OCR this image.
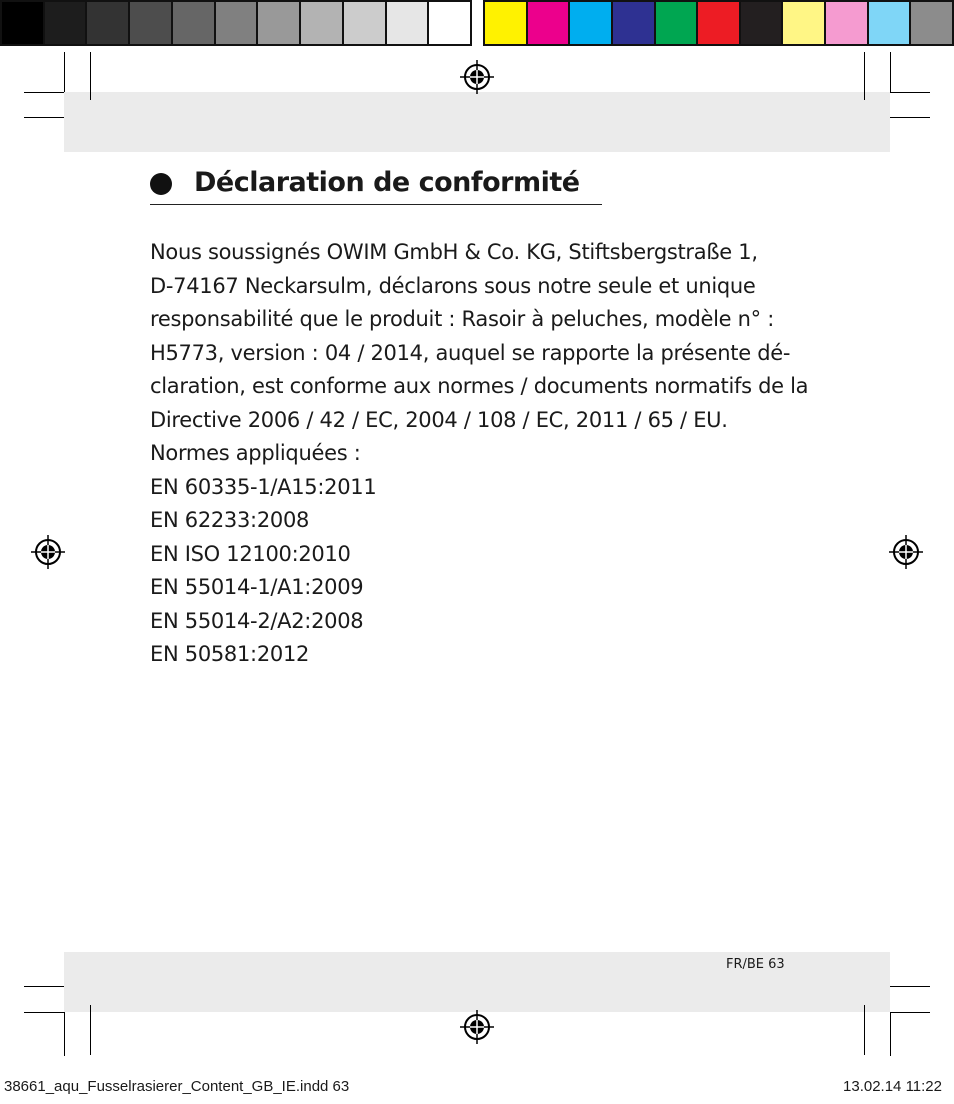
Déclaration de conformité
Nous soussignés OWIM GmbH & Co. KG, Stiftsbergstraße 1,
D-74167 Neckarsulm, déclarons sous notre seule et unique
responsabilité que le produit : Rasoir à peluches, modèle n° :
H5773, version : 04 / 2014, auquel se rapporte la présente dé-
claration, est conforme aux normes / documents normatifs de la
Directive 2006 / 42 / EC, 2004 / 108 / EC, 2011 / 65 / EU.
Normes appliquées :
EN 60335-1/A15:2011
EN 62233:2008
EN ISO 12100:2010
EN 55014-1/A1:2009
EN 55014-2/A2:2008
EN 50581:2012
FR/BE 63
38661_aqu_Fusselrasierer_Content_GB_IE.indd 63	13.02.14 11:22
